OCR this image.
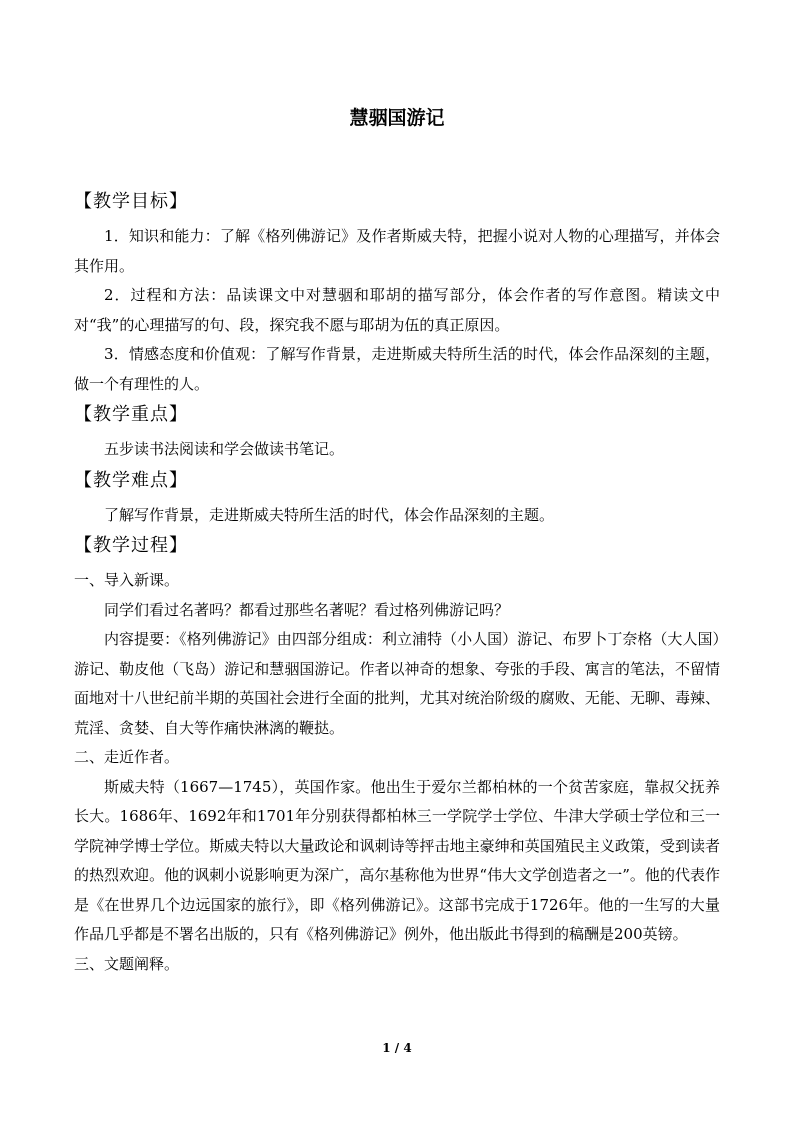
慧骃国游记
【教学目标】

1．知识和能力：了解《格列佛游记》及作者斯威夫特，把握小说对人物的心理描写，并体会其作用。

2．过程和方法：品读课文中对慧骃和耶胡的描写部分，体会作者的写作意图。精读文中对“我”的心理描写的句、段，探究我不愿与耶胡为伍的真正原因。

3．情感态度和价值观：了解写作背景，走进斯威夫特所生活的时代，体会作品深刻的主题，做一个有理性的人。

【教学重点】

五步读书法阅读和学会做读书笔记。

【教学难点】

了解写作背景，走进斯威夫特所生活的时代，体会作品深刻的主题。

【教学过程】

一、导入新课。

同学们看过名著吗？都看过那些名著呢？看过格列佛游记吗？

内容提要：《格列佛游记》由四部分组成：利立浦特（小人国）游记、布罗卜丁奈格（大人国）游记、勒皮他（飞岛）游记和慧骃国游记。作者以神奇的想象、夸张的手段、寓言的笔法，不留情面地对十八世纪前半期的英国社会进行全面的批判，尤其对统治阶级的腐败、无能、无聊、毒辣、荒淫、贪婪、自大等作痛快淋漓的鞭挞。

二、走近作者。

斯威夫特（1667—1745），英国作家。他出生于爱尔兰都柏林的一个贫苦家庭，靠叔父抚养长大。1686年、1692年和1701年分别获得都柏林三一学院学士学位、牛津大学硕士学位和三一学院神学博士学位。斯威夫特以大量政论和讽刺诗等抨击地主豪绅和英国殖民主义政策，受到读者的热烈欢迎。他的讽刺小说影响更为深广，高尔基称他为世界“伟大文学创造者之一”。他的代表作是《在世界几个边远国家的旅行》，即《格列佛游记》。这部书完成于1726年。他的一生写的大量作品几乎都是不署名出版的，只有《格列佛游记》例外，他出版此书得到的稿酬是200英镑。

三、文题阐释。

1 / 4
